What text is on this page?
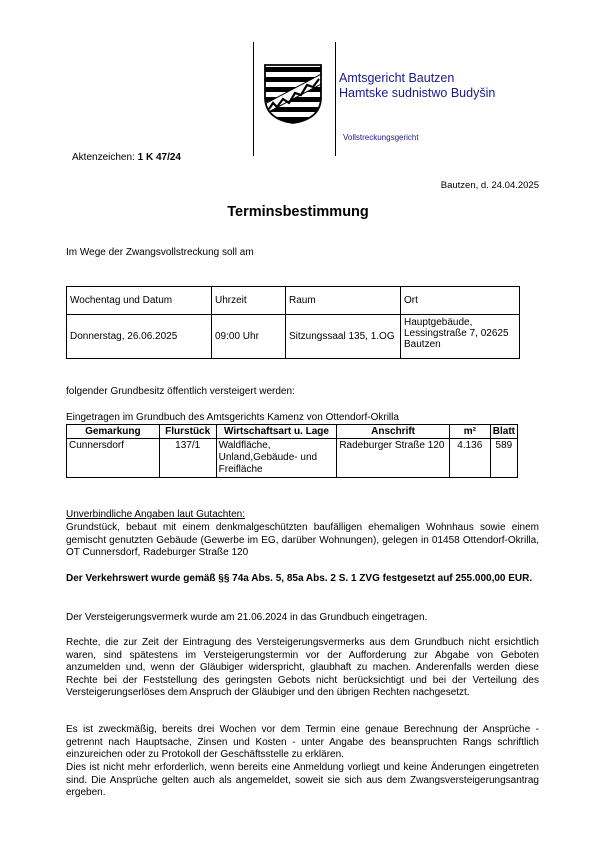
Amtsgericht Bautzen
Hamtske sudnistwo Budyšin
Vollstreckungsgericht
Aktenzeichen: 1 K 47/24
Bautzen, d. 24.04.2025
Terminsbestimmung
Im Wege der Zwangsvollstreckung soll am
Wochentag und Datum	Uhrzeit	Raum	Ort
Donnerstag, 26.06.2025	09:00 Uhr	Sitzungssaal 135, 1.OG	Hauptgebäude, Lessingstraße 7, 02625 Bautzen
folgender Grundbesitz öffentlich versteigert werden:
Eingetragen im Grundbuch des Amtsgerichts Kamenz von Ottendorf-Okrilla
Gemarkung	Flurstück	Wirtschaftsart u. Lage	Anschrift	m²	Blatt
Cunnersdorf	137/1	Waldfläche, Unland,Gebäude- und Freifläche	Radeburger Straße 120	4.136	589
Unverbindliche Angaben laut Gutachten:
Grundstück, bebaut mit einem denkmalgeschützten baufälligen ehemaligen Wohnhaus sowie einem gemischt genutzten Gebäude (Gewerbe im EG, darüber Wohnungen), gelegen in 01458 Ottendorf-Okrilla, OT Cunnersdorf, Radeburger Straße 120
Der Verkehrswert wurde gemäß §§ 74a Abs. 5, 85a Abs. 2 S. 1 ZVG festgesetzt auf 255.000,00 EUR.
Der Versteigerungsvermerk wurde am 21.06.2024 in das Grundbuch eingetragen.
Rechte, die zur Zeit der Eintragung des Versteigerungsvermerks aus dem Grundbuch nicht ersichtlich waren, sind spätestens im Versteigerungstermin vor der Aufforderung zur Abgabe von Geboten anzumelden und, wenn der Gläubiger widerspricht, glaubhaft zu machen. Anderenfalls werden diese Rechte bei der Feststellung des geringsten Gebots nicht berücksichtigt und bei der Verteilung des Versteigerungserlöses dem Anspruch der Gläubiger und den übrigen Rechten nachgesetzt.
Es ist zweckmäßig, bereits drei Wochen vor dem Termin eine genaue Berechnung der Ansprüche - getrennt nach Hauptsache, Zinsen und Kosten - unter Angabe des beanspruchten Rangs schriftlich einzureichen oder zu Protokoll der Geschäftsstelle zu erklären.
Dies ist nicht mehr erforderlich, wenn bereits eine Anmeldung vorliegt und keine Änderungen eingetreten sind. Die Ansprüche gelten auch als angemeldet, soweit sie sich aus dem Zwangsversteigerungsantrag ergeben.
